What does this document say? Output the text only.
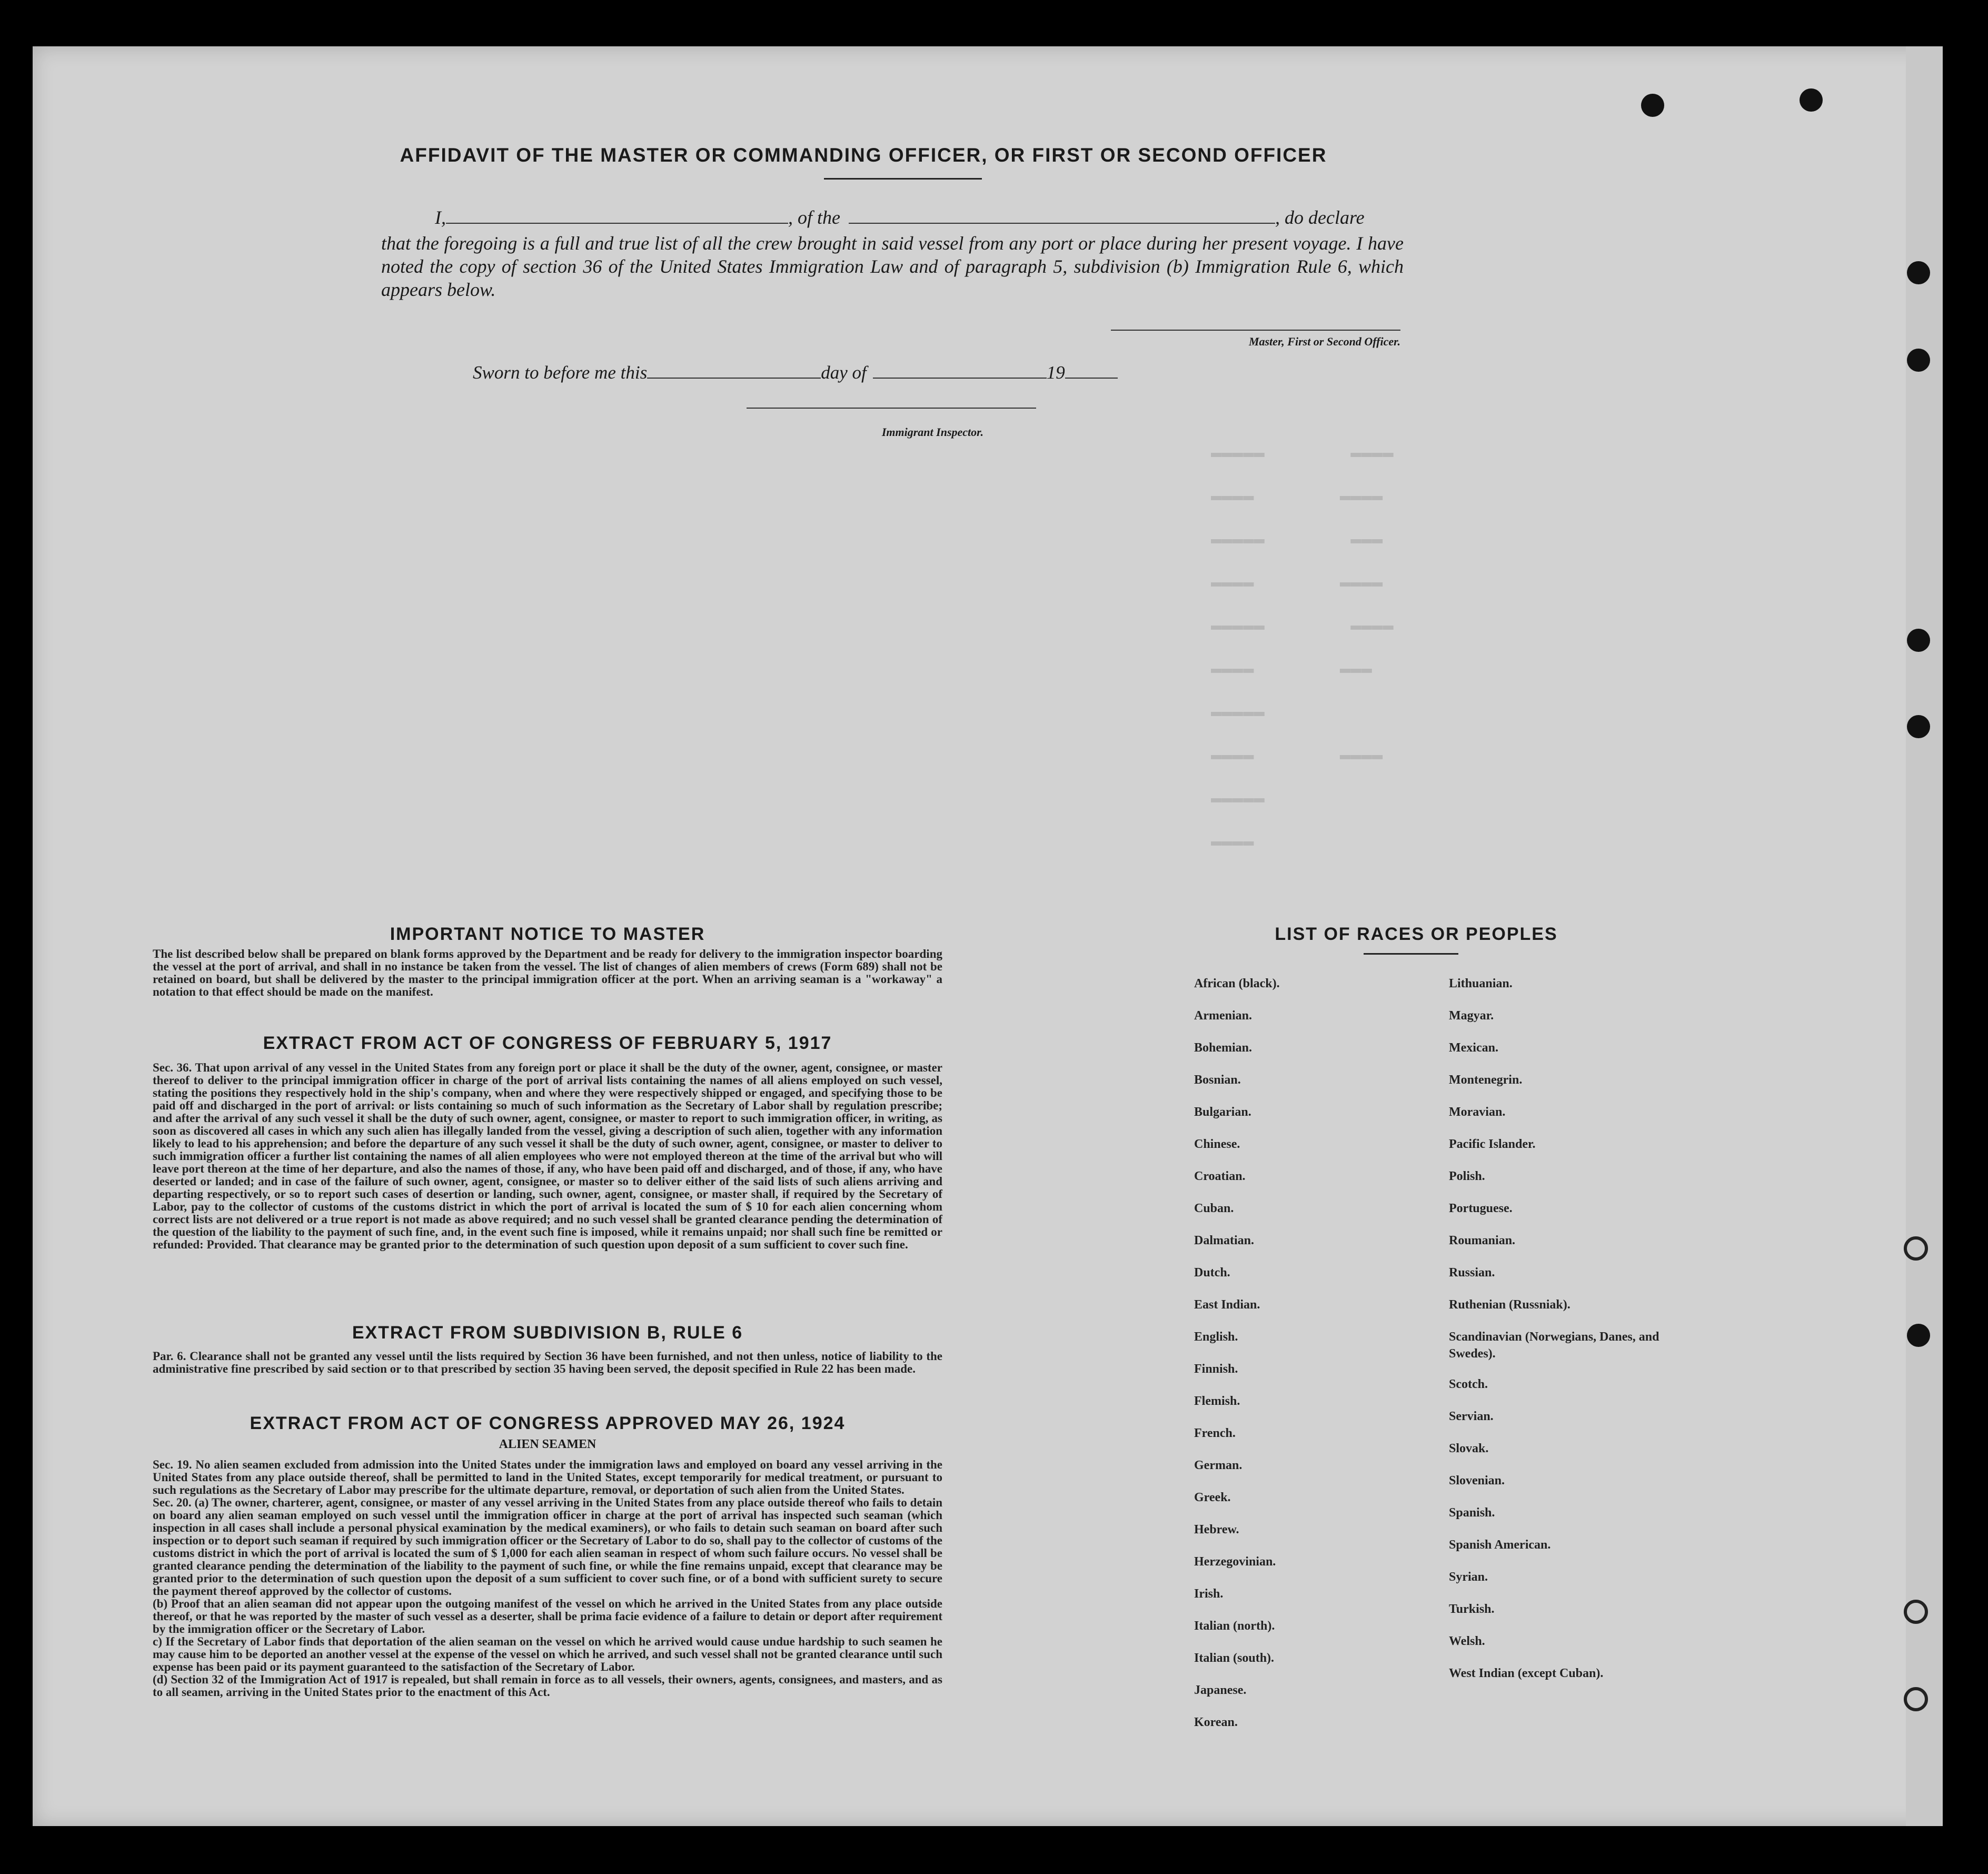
▬▬▬▬▬        ▬▬▬▬
▬▬▬▬        ▬▬▬▬
▬▬▬▬▬        ▬▬▬
▬▬▬▬        ▬▬▬▬
▬▬▬▬▬        ▬▬▬▬
▬▬▬▬        ▬▬▬
▬▬▬▬▬
▬▬▬▬        ▬▬▬▬
▬▬▬▬▬
▬▬▬▬
AFFIDAVIT OF THE MASTER OR COMMANDING OFFICER, OR FIRST OR SECOND OFFICER
I,	, of the	, do declare
that the foregoing is a full and true list of all the crew brought in said vessel from any port or place during her present voyage. I have noted the copy of section 36 of the United States Immigration Law and of paragraph 5, subdivision (b) Immigration Rule 6, which appears below.
Master, First or Second Officer.
Sworn to before me this	day of	19
Immigrant Inspector.
IMPORTANT NOTICE TO MASTER
The list described below shall be prepared on blank forms approved by the Department and be ready for delivery to the immigration inspector boarding the vessel at the port of arrival, and shall in no instance be taken from the vessel. The list of changes of alien members of crews (Form 689) shall not be retained on board, but shall be delivered by the master to the principal immigration officer at the port. When an arriving seaman is a "workaway" a notation to that effect should be made on the manifest.
EXTRACT FROM ACT OF CONGRESS OF FEBRUARY 5, 1917
Sec. 36. That upon arrival of any vessel in the United States from any foreign port or place it shall be the duty of the owner, agent, consignee, or master thereof to deliver to the principal immigration officer in charge of the port of arrival lists containing the names of all aliens employed on such vessel, stating the positions they respectively hold in the ship's company, when and where they were respectively shipped or engaged, and specifying those to be paid off and discharged in the port of arrival: or lists containing so much of such information as the Secretary of Labor shall by regulation prescribe; and after the arrival of any such vessel it shall be the duty of such owner, agent, consignee, or master to report to such immigration officer, in writing, as soon as discovered all cases in which any such alien has illegally landed from the vessel, giving a description of such alien, together with any information likely to lead to his apprehension; and before the departure of any such vessel it shall be the duty of such owner, agent, consignee, or master to deliver to such immigration officer a further list containing the names of all alien employees who were not employed thereon at the time of the arrival but who will leave port thereon at the time of her departure, and also the names of those, if any, who have been paid off and discharged, and of those, if any, who have deserted or landed; and in case of the failure of such owner, agent, consignee, or master so to deliver either of the said lists of such aliens arriving and departing respectively, or so to report such cases of desertion or landing, such owner, agent, consignee, or master shall, if required by the Secretary of Labor, pay to the collector of customs of the customs district in which the port of arrival is located the sum of $ 10 for each alien concerning whom correct lists are not delivered or a true report is not made as above required; and no such vessel shall be granted clearance pending the determination of the question of the liability to the payment of such fine, and, in the event such fine is imposed, while it remains unpaid; nor shall such fine be remitted or refunded: Provided. That clearance may be granted prior to the determination of such question upon deposit of a sum sufficient to cover such fine.
EXTRACT FROM SUBDIVISION B, RULE 6
Par. 6. Clearance shall not be granted any vessel until the lists required by Section 36 have been furnished, and not then unless, notice of liability to the administrative fine prescribed by said section or to that prescribed by section 35 having been served, the deposit specified in Rule 22 has been made.
EXTRACT FROM ACT OF CONGRESS APPROVED MAY 26, 1924
ALIEN SEAMEN
Sec. 19. No alien seamen excluded from admission into the United States under the immigration laws and employed on board any vessel arriving in the United States from any place outside thereof, shall be permitted to land in the United States, except temporarily for medical treatment, or pursuant to such regulations as the Secretary of Labor may prescribe for the ultimate departure, removal, or deportation of such alien from the United States.
Sec. 20. (a) The owner, charterer, agent, consignee, or master of any vessel arriving in the United States from any place outside thereof who fails to detain on board any alien seaman employed on such vessel until the immigration officer in charge at the port of arrival has inspected such seaman (which inspection in all cases shall include a personal physical examination by the medical examiners), or who fails to detain such seaman on board after such inspection or to deport such seaman if required by such immigration officer or the Secretary of Labor to do so, shall pay to the collector of customs of the customs district in which the port of arrival is located the sum of $ 1,000 for each alien seaman in respect of whom such failure occurs. No vessel shall be granted clearance pending the determination of the liability to the payment of such fine, or while the fine remains unpaid, except that clearance may be granted prior to the determination of such question upon the deposit of a sum sufficient to cover such fine, or of a bond with sufficient surety to secure the payment thereof approved by the collector of customs.
(b) Proof that an alien seaman did not appear upon the outgoing manifest of the vessel on which he arrived in the United States from any place outside thereof, or that he was reported by the master of such vessel as a deserter, shall be prima facie evidence of a failure to detain or deport after requirement by the immigration officer or the Secretary of Labor.
c) If the Secretary of Labor finds that deportation of the alien seaman on the vessel on which he arrived would cause undue hardship to such seamen he may cause him to be deported an another vessel at the expense of the vessel on which he arrived, and such vessel shall not be granted clearance until such expense has been paid or its payment guaranteed to the satisfaction of the Secretary of Labor.
(d) Section 32 of the Immigration Act of 1917 is repealed, but shall remain in force as to all vessels, their owners, agents, consignees, and masters, and as to all seamen, arriving in the United States prior to the enactment of this Act.
LIST OF RACES OR PEOPLES
African (black).
Armenian.
Bohemian.
Bosnian.
Bulgarian.
Chinese.
Croatian.
Cuban.
Dalmatian.
Dutch.
East Indian.
English.
Finnish.
Flemish.
French.
German.
Greek.
Hebrew.
Herzegovinian.
Irish.
Italian (north).
Italian (south).
Japanese.
Korean.
Lithuanian.
Magyar.
Mexican.
Montenegrin.
Moravian.
Pacific Islander.
Polish.
Portuguese.
Roumanian.
Russian.
Ruthenian (Russniak).
Scandinavian (Norwegians, Danes, and Swedes).
Scotch.
Servian.
Slovak.
Slovenian.
Spanish.
Spanish American.
Syrian.
Turkish.
Welsh.
West Indian (except Cuban).
